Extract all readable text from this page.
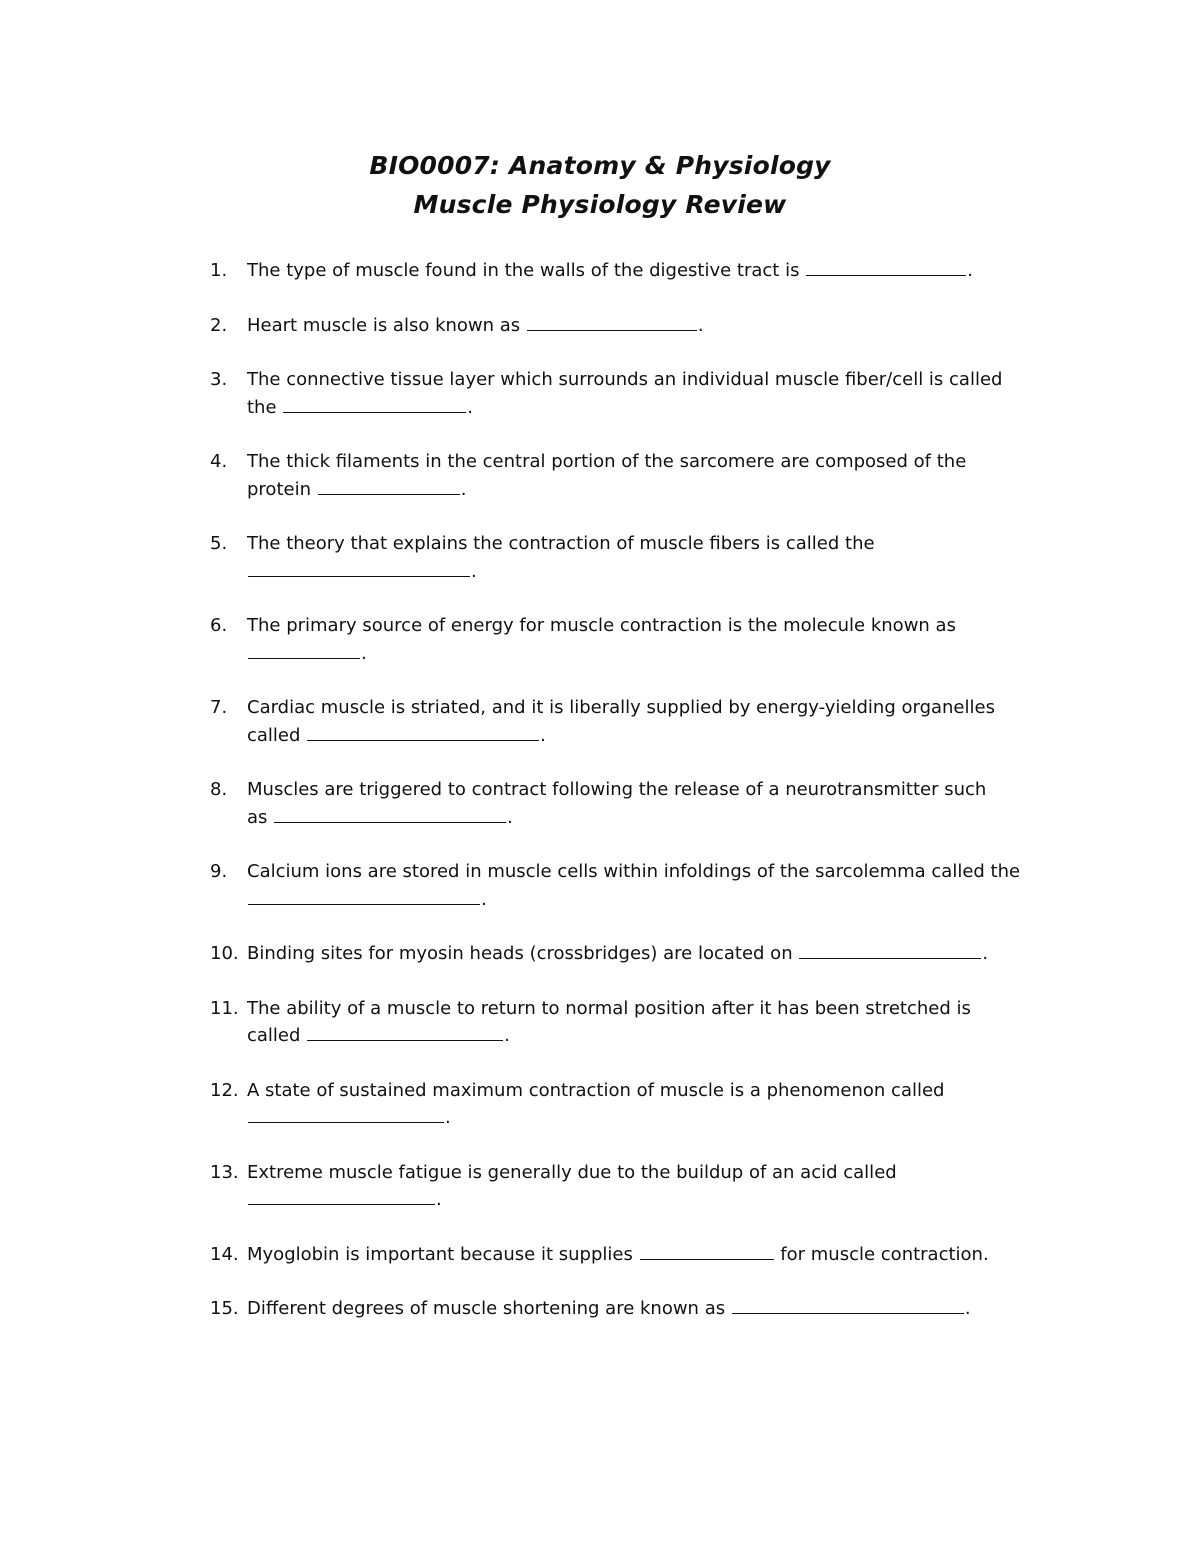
BIO0007: Anatomy & Physiology
Muscle Physiology Review
1. The type of muscle found in the walls of the digestive tract is	.
2. Heart muscle is also known as	.
3. The connective tissue layer which surrounds an individual muscle fiber/cell is called
the	.
4. The thick filaments in the central portion of the sarcomere are composed of the
protein	.
5. The theory that explains the contraction of muscle fibers is called the
.
6. The primary source of energy for muscle contraction is the molecule known as
.
7. Cardiac muscle is striated, and it is liberally supplied by energy-yielding organelles
called	.
8. Muscles are triggered to contract following the release of a neurotransmitter such
as	.
9. Calcium ions are stored in muscle cells within infoldings of the sarcolemma called the
.
10. Binding sites for myosin heads (crossbridges) are located on	.
11. The ability of a muscle to return to normal position after it has been stretched is
called	.
12. A state of sustained maximum contraction of muscle is a phenomenon called
.
13. Extreme muscle fatigue is generally due to the buildup of an acid called
.
14. Myoglobin is important because it supplies	for muscle contraction.
15. Different degrees of muscle shortening are known as	.
